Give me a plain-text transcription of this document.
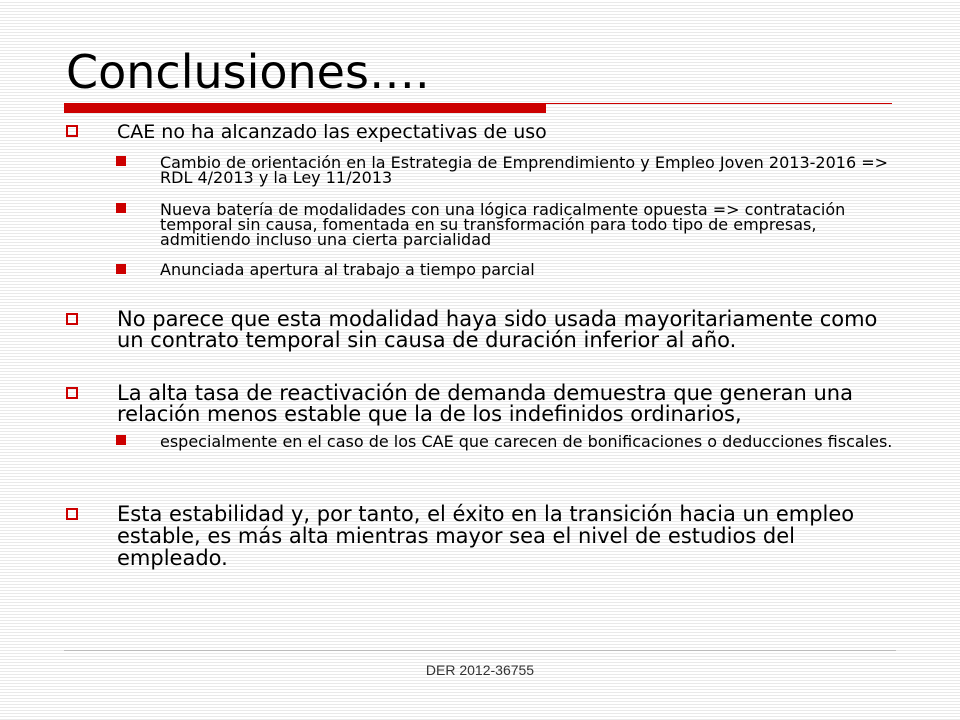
Conclusiones….
CAE no ha alcanzado las expectativas de uso
Cambio de orientación en la Estrategia de Emprendimiento y Empleo Joven 2013-2016 => RDL 4/2013 y la Ley 11/2013
Nueva batería de modalidades con una lógica radicalmente opuesta => contratación temporal sin causa, fomentada en su transformación para todo tipo de empresas, admitiendo incluso una cierta parcialidad
Anunciada apertura al trabajo a tiempo parcial
No parece que esta modalidad haya sido usada mayoritariamente como un contrato temporal sin causa de duración inferior al año.
La alta tasa de reactivación de demanda demuestra que generan una relación menos estable que la de los indefinidos ordinarios,
especialmente en el caso de los CAE que carecen de bonificaciones o deducciones fiscales.
Esta estabilidad y, por tanto, el éxito en la transición hacia un empleo estable, es más alta mientras mayor sea el nivel de estudios del empleado.
DER 2012-36755
